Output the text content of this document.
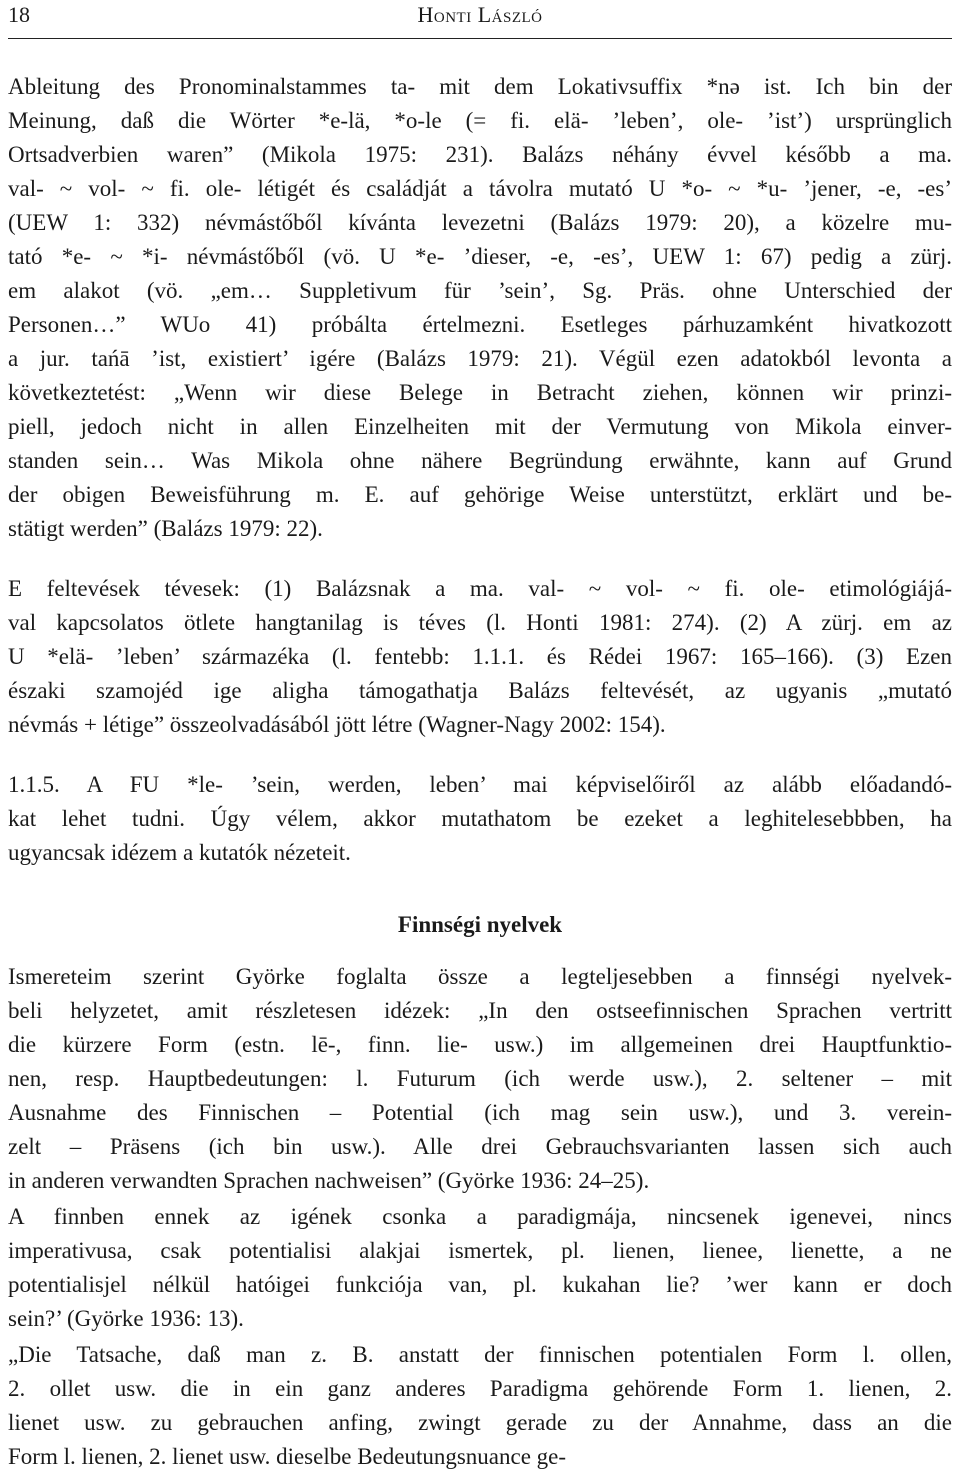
18	Honti László
Ableitung des Pronominalstammes ta- mit dem Lokativsuffix *nǝ ist. Ich bin der
Meinung, daß die Wörter *e-lä, *o-le (= fi. elä- ’leben’, ole- ’ist’) ursprünglich
Ortsadverbien waren” (Mikola 1975: 231). Balázs néhány évvel később a ma.
val- ~ vol- ~ fi. ole- létigét és családját a távolra mutató U *o- ~ *u- ’jener, -e, -es’
(UEW 1: 332) névmástőből kívánta levezetni (Balázs 1979: 20), a közelre mu-
tató *e- ~ *i- névmástőből (vö. U *e- ’dieser, -e, -es’, UEW 1: 67) pedig a zürj.
em alakot (vö. „em… Suppletivum für ’sein’, Sg. Präs. ohne Unterschied der
Personen…” WUo 41) próbálta értelmezni. Esetleges párhuzamként hivatkozott
a jur. tańā ’ist, existiert’ igére (Balázs 1979: 21). Végül ezen adatokból levonta a
következtetést: „Wenn wir diese Belege in Betracht ziehen, können wir prinzi-
piell, jedoch nicht in allen Einzelheiten mit der Vermutung von Mikola einver-
standen sein… Was Mikola ohne nähere Begründung erwähnte, kann auf Grund
der obigen Beweisführung m. E. auf gehörige Weise unterstützt, erklärt und be-
stätigt werden” (Balázs 1979: 22).
E feltevések tévesek: (1) Balázsnak a ma. val- ~ vol- ~ fi. ole- etimológiájá-
val kapcsolatos ötlete hangtanilag is téves (l. Honti 1981: 274). (2) A zürj. em az
U *elä- ’leben’ származéka (l. fentebb: 1.1.1. és Rédei 1967: 165–166). (3) Ezen
északi szamojéd ige aligha támogathatja Balázs feltevését, az ugyanis „mutató
névmás + létige” összeolvadásából jött létre (Wagner-Nagy 2002: 154).
1.1.5. A FU *le- ’sein, werden, leben’ mai képviselőiről az alább előadandó-
kat lehet tudni. Úgy vélem, akkor mutathatom be ezeket a leghitelesebbben, ha
ugyancsak idézem a kutatók nézeteit.
Finnségi nyelvek
Ismereteim szerint Györke foglalta össze a legteljesebben a finnségi nyelvek-
beli helyzetet, amit részletesen idézek: „In den ostseefinnischen Sprachen vertritt
die kürzere Form (estn. lē-, finn. lie- usw.) im allgemeinen drei Hauptfunktio-
nen, resp. Hauptbedeutungen: l. Futurum (ich werde usw.), 2. seltener – mit
Ausnahme des Finnischen – Potential (ich mag sein usw.), und 3. verein-
zelt – Präsens (ich bin usw.). Alle drei Gebrauchsvarianten lassen sich auch
in anderen verwandten Sprachen nachweisen” (Györke 1936: 24–25).
A finnben ennek az igének csonka a paradigmája, nincsenek igenevei, nincs
imperativusa, csak potentialisi alakjai ismertek, pl. lienen, lienee, lienette, a ne
potentialisjel nélkül hatóigei funkciója van, pl. kukahan lie? ’wer kann er doch
sein?’ (Györke 1936: 13).
„Die Tatsache, daß man z. B. anstatt der finnischen potentialen Form l. ollen,
2. ollet usw. die in ein ganz anderes Paradigma gehörende Form 1. lienen, 2.
lienet usw. zu gebrauchen anfing, zwingt gerade zu der Annahme, dass an die
Form l. lienen, 2. lienet usw. dieselbe Bedeutungsnuance ge-
